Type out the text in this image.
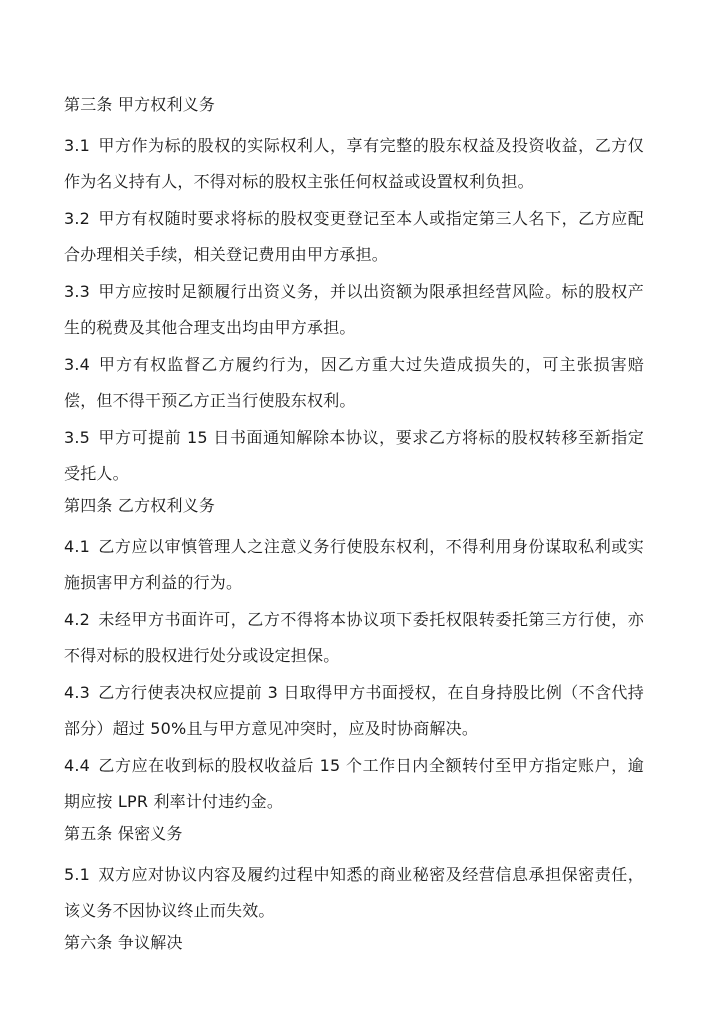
第三条 甲方权利义务

3.1 甲方作为标的股权的实际权利人，享有完整的股东权益及投资收益，乙方仅作为名义持有人，不得对标的股权主张任何权益或设置权利负担。

3.2 甲方有权随时要求将标的股权变更登记至本人或指定第三人名下，乙方应配合办理相关手续，相关登记费用由甲方承担。

3.3 甲方应按时足额履行出资义务，并以出资额为限承担经营风险。标的股权产生的税费及其他合理支出均由甲方承担。

3.4 甲方有权监督乙方履约行为，因乙方重大过失造成损失的，可主张损害赔偿，但不得干预乙方正当行使股东权利。

3.5 甲方可提前 15 日书面通知解除本协议，要求乙方将标的股权转移至新指定受托人。

第四条 乙方权利义务

4.1 乙方应以审慎管理人之注意义务行使股东权利，不得利用身份谋取私利或实施损害甲方利益的行为。

4.2 未经甲方书面许可，乙方不得将本协议项下委托权限转委托第三方行使，亦不得对标的股权进行处分或设定担保。

4.3 乙方行使表决权应提前 3 日取得甲方书面授权，在自身持股比例（不含代持部分）超过 50%且与甲方意见冲突时，应及时协商解决。

4.4 乙方应在收到标的股权收益后 15 个工作日内全额转付至甲方指定账户，逾期应按 LPR 利率计付违约金。

第五条 保密义务

5.1 双方应对协议内容及履约过程中知悉的商业秘密及经营信息承担保密责任，该义务不因协议终止而失效。

第六条 争议解决
